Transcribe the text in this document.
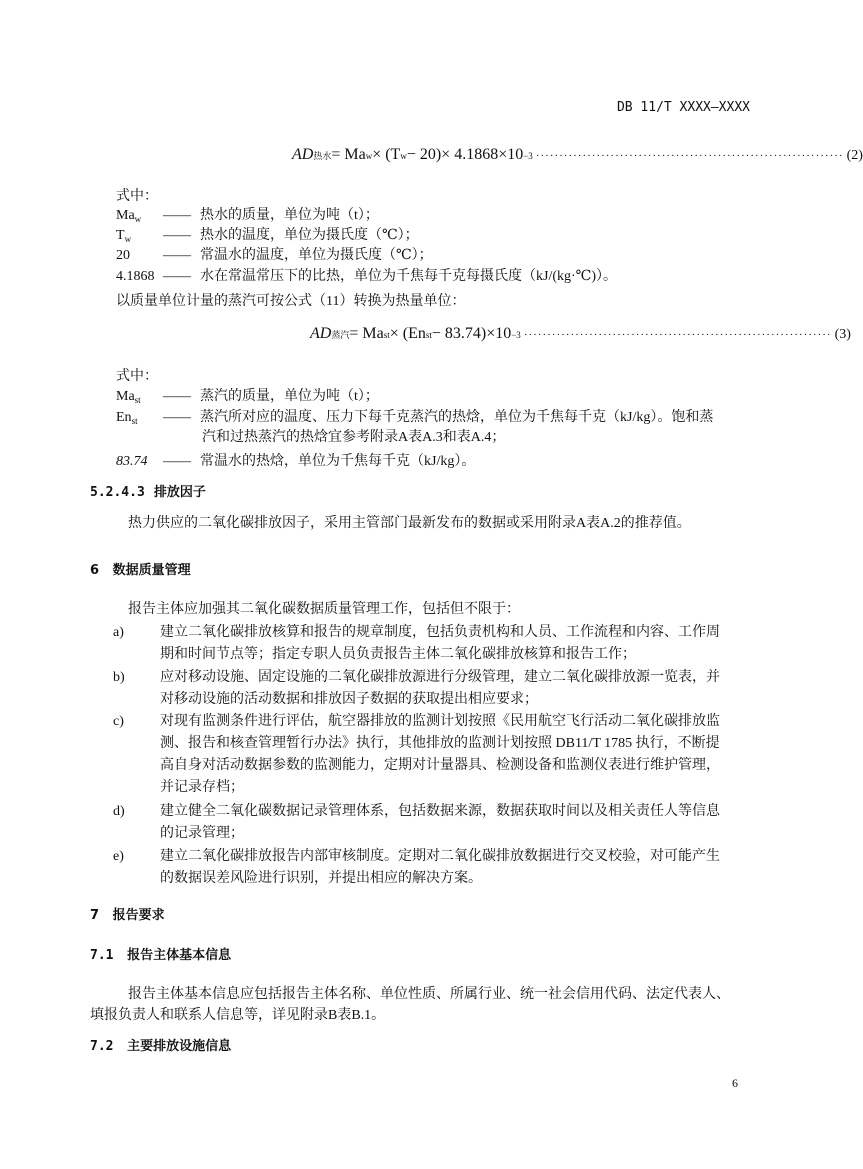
DB 11/T XXXX—XXXX
AD 热水 = Ma w × (T w − 20)× 4.1868×10 −3 ·································································· (2)
式中：
$Ma_w$ —— 热水的质量，单位为吨（t）；
$T_w$ —— 热水的温度，单位为摄氏度（℃）；
20 —— 常温水的温度，单位为摄氏度（℃）；
4.1868 —— 水在常温常压下的比热，单位为千焦每千克每摄氏度（kJ/(kg·℃)）。
以质量单位计量的蒸汽可按公式（11）转换为热量单位：
AD 蒸汽 = Ma st × (En st − 83.74)×10 −3 ·································································· (3)
式中：
$Ma_{st}$ —— 蒸汽的质量，单位为吨（t）；
$En_{st}$ —— 蒸汽所对应的温度、压力下每千克蒸汽的热焓，单位为千焦每千克（kJ/kg）。饱和蒸
汽和过热蒸汽的热焓宜参考附录A表A.3和表A.4；
83.74 —— 常温水的热焓，单位为千焦每千克（kJ/kg）。
5.2.4.3 排放因子
热力供应的二氧化碳排放因子，采用主管部门最新发布的数据或采用附录A表A.2的推荐值。
6 数据质量管理
报告主体应加强其二氧化碳数据质量管理工作，包括但不限于：
a)	建立二氧化碳排放核算和报告的规章制度，包括负责机构和人员、工作流程和内容、工作周
期和时间节点等；指定专职人员负责报告主体二氧化碳排放核算和报告工作；
b)	应对移动设施、固定设施的二氧化碳排放源进行分级管理，建立二氧化碳排放源一览表，并
对移动设施的活动数据和排放因子数据的获取提出相应要求；
c)	对现有监测条件进行评估，航空器排放的监测计划按照《民用航空飞行活动二氧化碳排放监
测、报告和核查管理暂行办法》执行，其他排放的监测计划按照 DB11/T 1785 执行，不断提
高自身对活动数据参数的监测能力，定期对计量器具、检测设备和监测仪表进行维护管理，
并记录存档；
d)	建立健全二氧化碳数据记录管理体系，包括数据来源，数据获取时间以及相关责任人等信息
的记录管理；
e)	建立二氧化碳排放报告内部审核制度。定期对二氧化碳排放数据进行交叉校验，对可能产生
的数据误差风险进行识别，并提出相应的解决方案。
7 报告要求
7.1 报告主体基本信息
报告主体基本信息应包括报告主体名称、单位性质、所属行业、统一社会信用代码、法定代表人、
填报负责人和联系人信息等，详见附录B表B.1。
7.2 主要排放设施信息
6
